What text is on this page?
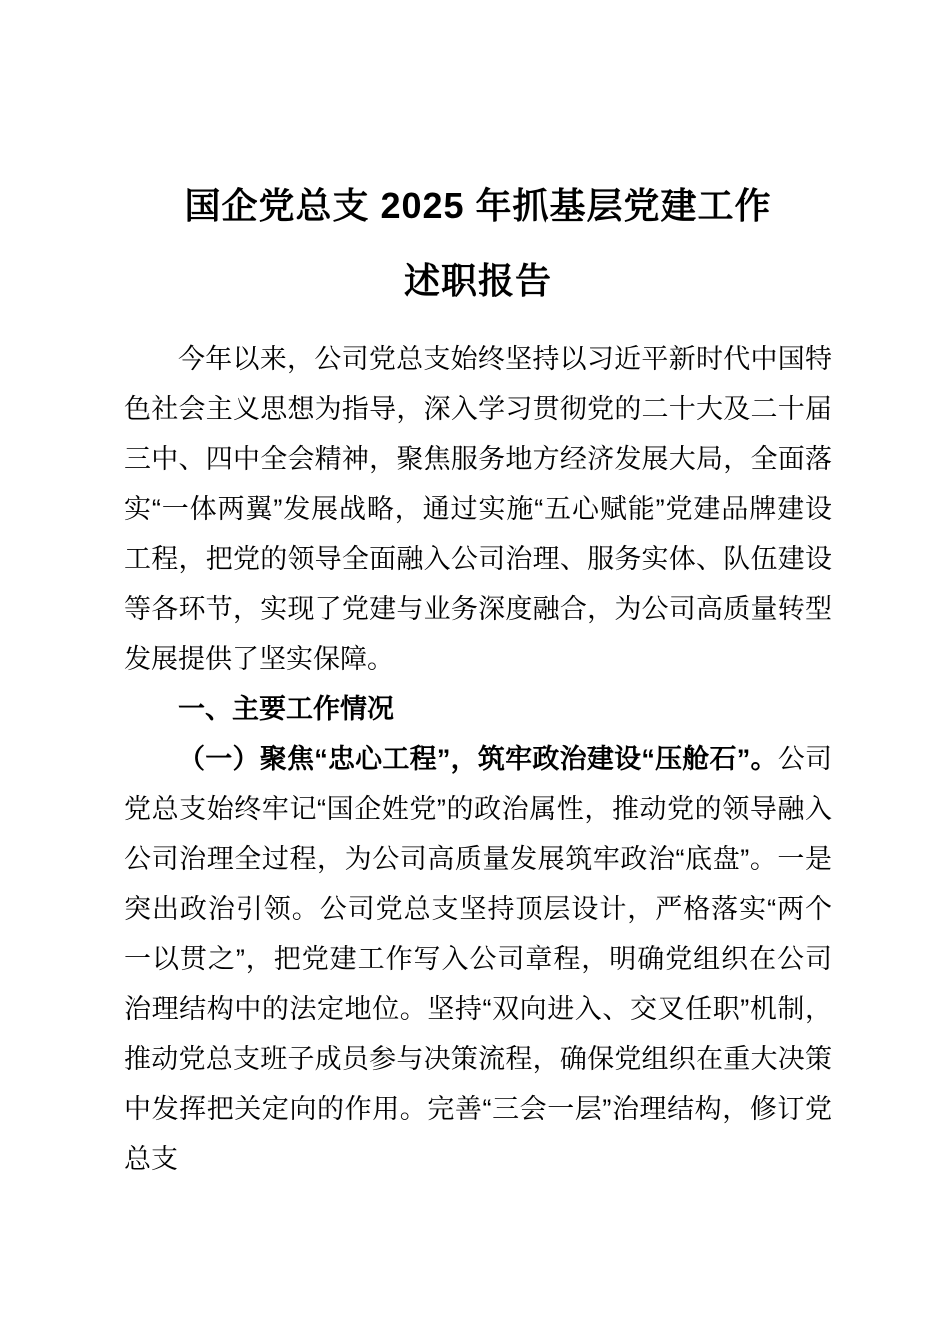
国企党总支 2025 年抓基层党建工作
述职报告

今年以来，公司党总支始终坚持以习近平新时代中国特色社会主义思想为指导，深入学习贯彻党的二十大及二十届三中、四中全会精神，聚焦服务地方经济发展大局，全面落实“一体两翼”发展战略，通过实施“五心赋能”党建品牌建设工程，把党的领导全面融入公司治理、服务实体、队伍建设等各环节，实现了党建与业务深度融合，为公司高质量转型发展提供了坚实保障。

一、主要工作情况

（一）聚焦“忠心工程”，筑牢政治建设“压舱石”。公司党总支始终牢记“国企姓党”的政治属性，推动党的领导融入公司治理全过程，为公司高质量发展筑牢政治“底盘”。一是突出政治引领。公司党总支坚持顶层设计，严格落实“两个一以贯之”，把党建工作写入公司章程，明确党组织在公司治理结构中的法定地位。坚持“双向进入、交叉任职”机制，推动党总支班子成员参与决策流程，确保党组织在重大决策中发挥把关定向的作用。完善“三会一层”治理结构，修订党总支
